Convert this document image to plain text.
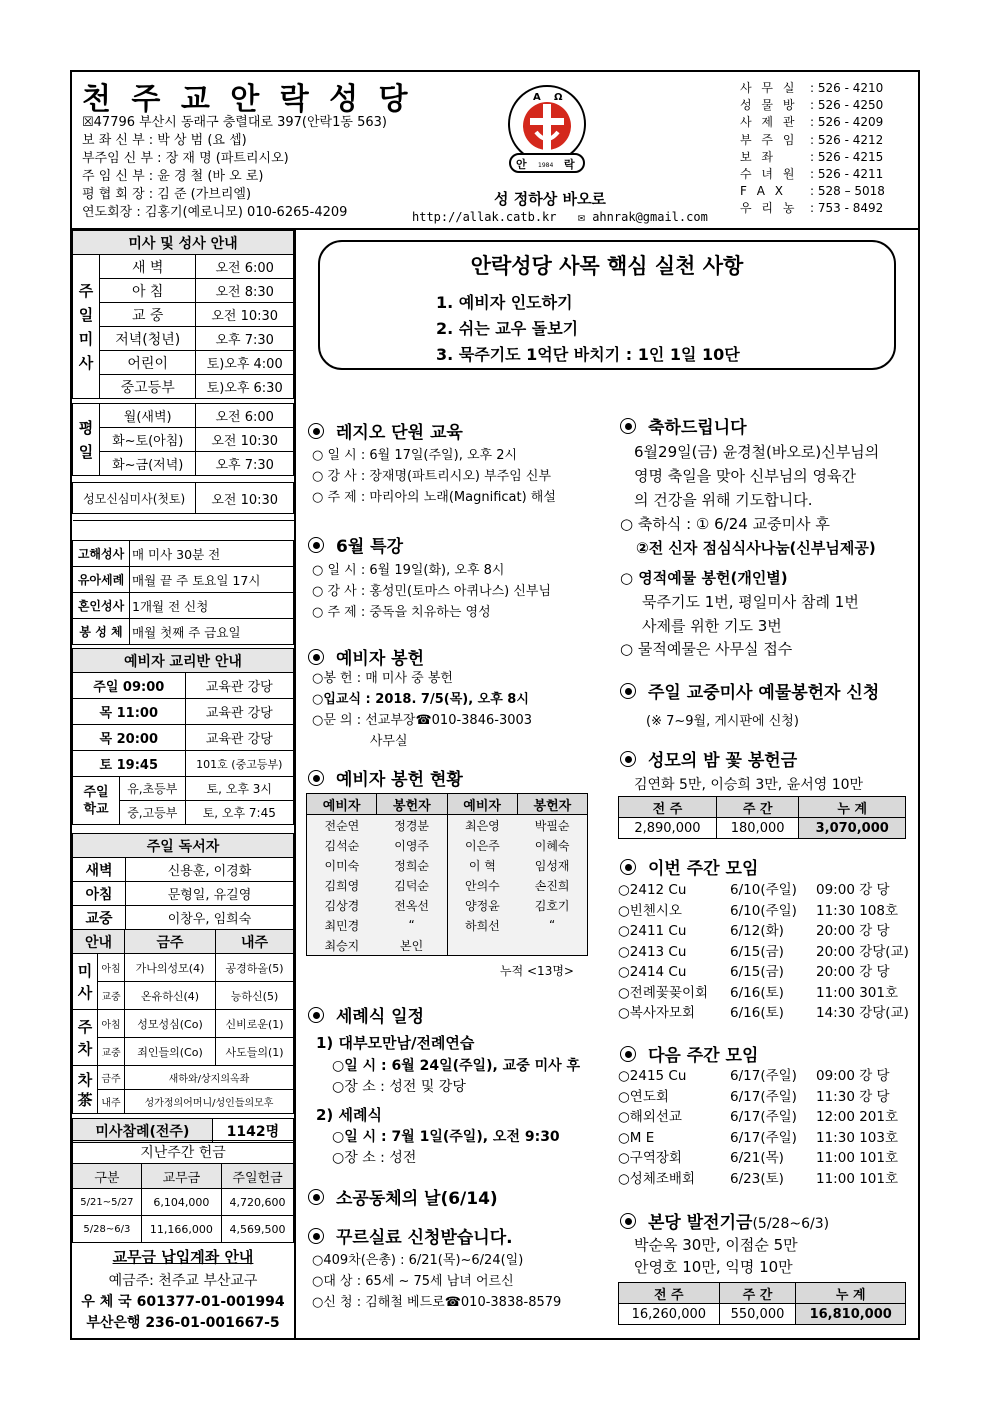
천 주 교 안 락 성 당
☒47796 부산시 동래구 충렬대로 397(안락1동 563)
보 좌 신 부 : 박 상 범 (요 셉)
부주임 신 부 : 장 재 명 (파트리시오)
주 임 신 부 : 윤 경 철 (바 오 로)
평 협 회 장 : 김 준 (가브리엘)
연도회장 : 김홍기(예로니모) 010-6265-4209
A Ω
안 1984 락
성 정하상 바오로
http://allak.catb.kr ✉ ahnrak@gmail.com
사 무 실	: 526 - 4210
성 물 방	: 526 - 4250
사 제 관	: 526 - 4209
부 주 임	: 526 - 4212
보 좌	: 526 - 4215
수 녀 원	: 526 - 4211
F A X	: 528 – 5018
우 리 농	: 753 - 8492
미사 및 성사 안내		
주
일
미
사	새 벽	오전 6:00
	아 침	오전 8:30
	교 중	오전 10:30
	저녁(청년)	오후 7:30
	어린이	토)오후 4:00
	중고등부	토)오후 6:30

평
일	월(새벽)	오전 6:00
	화~토(아침)	오전 10:30
	화~금(저녁)	오후 7:30

성모신심미사(첫토)		오전 10:30

고해성사	매 미사 30분 전
유아세례	매월 끝 주 토요일 17시
혼인성사	1개월 전 신청
봉 성 체	매월 첫째 주 금요일
예비자 교리반 안내		
주일 09:00		교육관 강당
목 11:00		교육관 강당
목 20:00		교육관 강당
토 19:45		101호 (중고등부)
주일
학교	유,초등부	토, 오후 3시
	중,고등부	토, 오후 7:45
주일 독서자	
새벽	신용훈, 이경화
아침	문형일, 유길영
교중	이창우, 임희숙
안내		금주	내주
미
사	아침	가나의성모(4)	공경하올(5)
	교중	온유하신(4)	능하신(5)
주
차	아침	성모성심(Co)	신비로운(1)
	교중	죄인들의(Co)	사도들의(1)
차
茶	금주	새하와/상지의옥좌	
	내주	성가정의어머니/성인들의모후	
미사참례(전주)	1142명
지난주간 헌금		
구분	교무금	주일헌금
5/21~5/27	6,104,000	4,720,600
5/28~6/3	11,166,000	4,569,500
교무금 납입계좌 안내
예금주: 천주교 부산교구
우 체 국 601377-01-001994
부산은행 236-01-001667-5
안락성당 사목 핵심 실천 사항
1. 예비자 인도하기
2. 쉬는 교우 돌보기
3. 묵주기도 1억단 바치기 : 1인 1일 10단
레지오 단원 교육
○ 일 시 : 6월 17일(주일), 오후 2시
○ 강 사 : 장재명(파트리시오) 부주임 신부
○ 주 제 : 마리아의 노래(Magnificat) 해설
6월 특강
○ 일 시 : 6월 19일(화), 오후 8시
○ 강 사 : 홍성민(토마스 아퀴나스) 신부님
○ 주 제 : 중독을 치유하는 영성
예비자 봉헌
○봉 헌 : 매 미사 중 봉헌
○입교식 : 2018. 7/5(목), 오후 8시
○문 의 : 선교부장☎010-3846-3003
사무실
예비자 봉헌 현황
예비자	봉헌자	예비자	봉헌자
전순연	정경분	최은영	박필순
김석순	이영주	이은주	이혜숙
이미숙	정희순	이 혁	임성재
김희영	김덕순	안의수	손진희
김상경	전옥선	양정윤	김호기
최민경	“	하희선	“
최승지	본인		
누적 <13명>
세례식 일정
1) 대부모만남/전례연습
○일 시 : 6월 24일(주일), 교중 미사 후
○장 소 : 성전 및 강당
2) 세례식
○일 시 : 7월 1일(주일), 오전 9:30
○장 소 : 성전
소공동체의 날(6/14)
꾸르실료 신청받습니다.
○409차(은총) : 6/21(목)~6/24(일)
○대 상 : 65세 ~ 75세 남녀 어르신
○신 청 : 김해철 베드로☎010-3838-8579
축하드립니다
6월29일(금) 윤경철(바오로)신부님의
영명 축일을 맞아 신부님의 영육간
의 건강을 위해 기도합니다.
○ 축하식 : ① 6/24 교중미사 후
②전 신자 점심식사나눔(신부님제공)
○ 영적예물 봉헌(개인별)
묵주기도 1번, 평일미사 참례 1번
사제를 위한 기도 3번
○ 물적예물은 사무실 접수
주일 교중미사 예물봉헌자 신청
(※ 7~9월, 게시판에 신청)
성모의 밤 꽃 봉헌금
김연화 5만, 이승희 3만, 윤서영 10만
전 주	주 간	누 계
2,890,000	180,000	3,070,000
이번 주간 모임
○2412 Cu	6/10(주일)	09:00 강 당
○빈첸시오	6/10(주일)	11:30 108호
○2411 Cu	6/12(화)	20:00 강 당
○2413 Cu	6/15(금)	20:00 강당(교)
○2414 Cu	6/15(금)	20:00 강 당
○전례꽃꽂이회	6/16(토)	11:00 301호
○복사자모회	6/16(토)	14:30 강당(교)
다음 주간 모임
○2415 Cu	6/17(주일)	09:00 강 당
○연도회	6/17(주일)	11:30 강 당
○해외선교	6/17(주일)	12:00 201호
○M E	6/17(주일)	11:30 103호
○구역장회	6/21(목)	11:00 101호
○성체조배회	6/23(토)	11:00 101호
본당 발전기금(5/28~6/3)
박순옥 30만, 이점순 5만
안영호 10만, 익명 10만
전 주	주 간	누 계
16,260,000	550,000	16,810,000
